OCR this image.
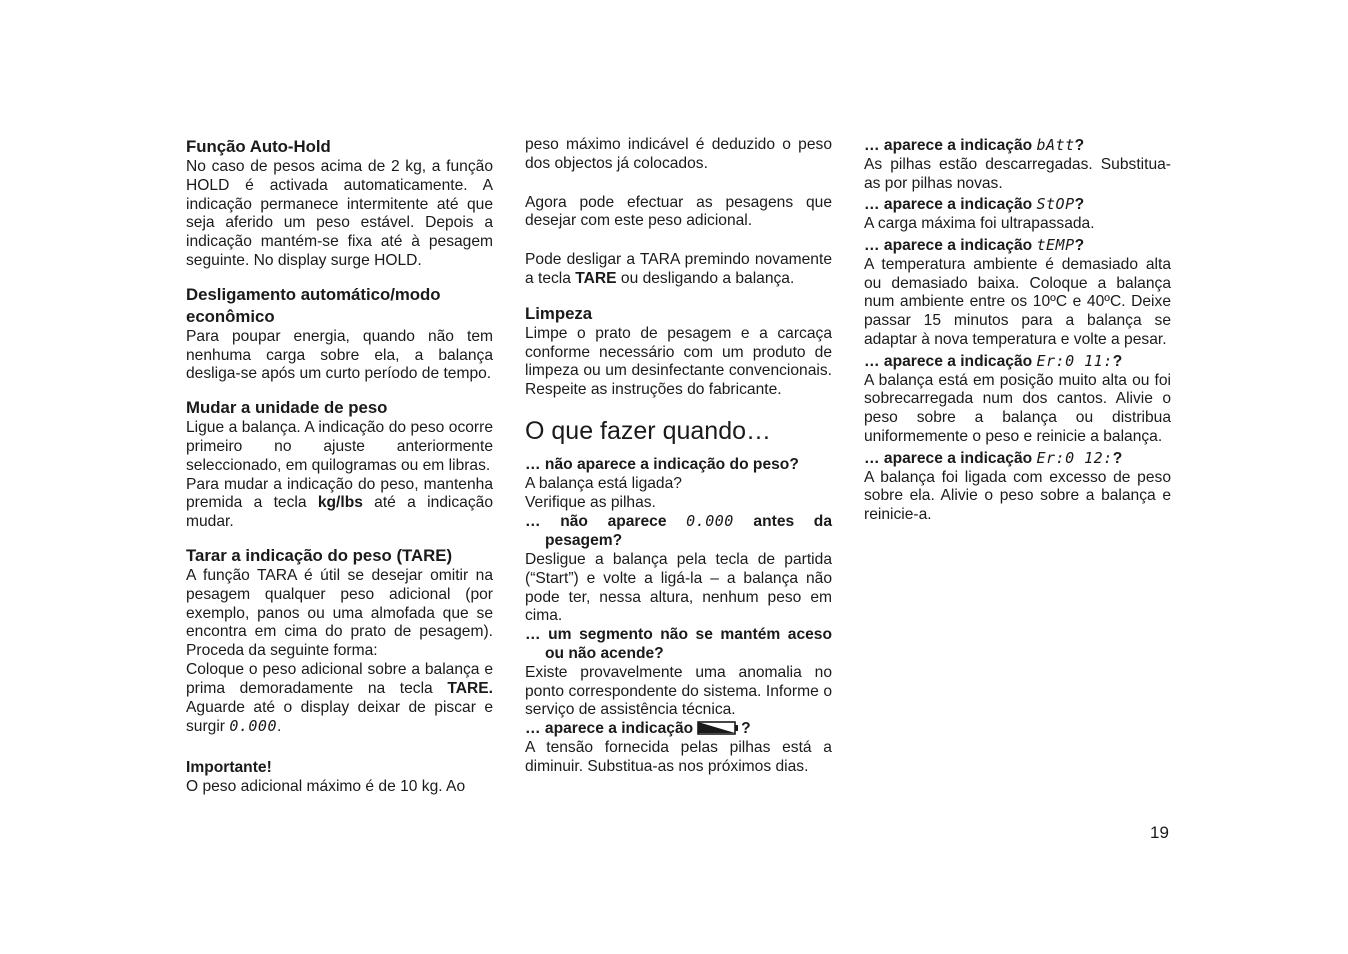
Função Auto-Hold

No caso de pesos acima de 2 kg, a função HOLD é activada automaticamente. A indicação permanece intermitente até que seja aferido um peso estável. Depois a indicação mantém-se fixa até à pesagem seguinte. No display surge HOLD.

Desligamento automático/modo econômico

Para poupar energia, quando não tem nenhuma carga sobre ela, a balança desliga-se após um curto período de tempo.

Mudar a unidade de peso

Ligue a balança. A indicação do peso ocorre primeiro no ajuste anteriormente seleccionado, em quilogramas ou em libras.

Para mudar a indicação do peso, mantenha premida a tecla kg/lbs até a indicação mudar.

Tarar a indicação do peso (TARE)

A função TARA é útil se desejar omitir na pesagem qualquer peso adicional (por exemplo, panos ou uma almofada que se encontra em cima do prato de pesagem). Proceda da seguinte forma:

Coloque o peso adicional sobre a balança e prima demoradamente na tecla TARE. Aguarde até o display deixar de piscar e surgir 0.000.

Importante!

O peso adicional máximo é de 10 kg. Ao

peso máximo indicável é deduzido o peso dos objectos já colocados.

Agora pode efectuar as pesagens que desejar com este peso adicional.

Pode desligar a TARA premindo novamente a tecla TARE ou desligando a balança.

Limpeza

Limpe o prato de pesagem e a carcaça conforme necessário com um produto de limpeza ou um desinfectante convencionais. Respeite as instruções do fabricante.

O que fazer quando…

… não aparece a indicação do peso?

A balança está ligada?

Verifique as pilhas.

… não aparece 0.000 antes da pesagem?

Desligue a balança pela tecla de partida (“Start”) e volte a ligá-la – a balança não pode ter, nessa altura, nenhum peso em cima.

… um segmento não se mantém aceso ou não acende?

Existe provavelmente uma anomalia no ponto correspondente do sistema. Informe o serviço de assistência técnica.

… aparece a indicação	?

A tensão fornecida pelas pilhas está a diminuir. Substitua-as nos próximos dias.

… aparece a indicação bAtt?

As pilhas estão descarregadas. Substitua-as por pilhas novas.

… aparece a indicação StOP?

A carga máxima foi ultrapassada.

… aparece a indicação tEMP?

A temperatura ambiente é demasiado alta ou demasiado baixa. Coloque a balança num ambiente entre os 10ºC e 40ºC. Deixe passar 15 minutos para a balança se adaptar à nova temperatura e volte a pesar.

… aparece a indicação Er:0 11:?

A balança está em posição muito alta ou foi sobrecarregada num dos cantos. Alivie o peso sobre a balança ou distribua uniformemente o peso e reinicie a balança.

… aparece a indicação Er:0 12:?

A balança foi ligada com excesso de peso sobre ela. Alivie o peso sobre a balança e reinicie-a.

19
